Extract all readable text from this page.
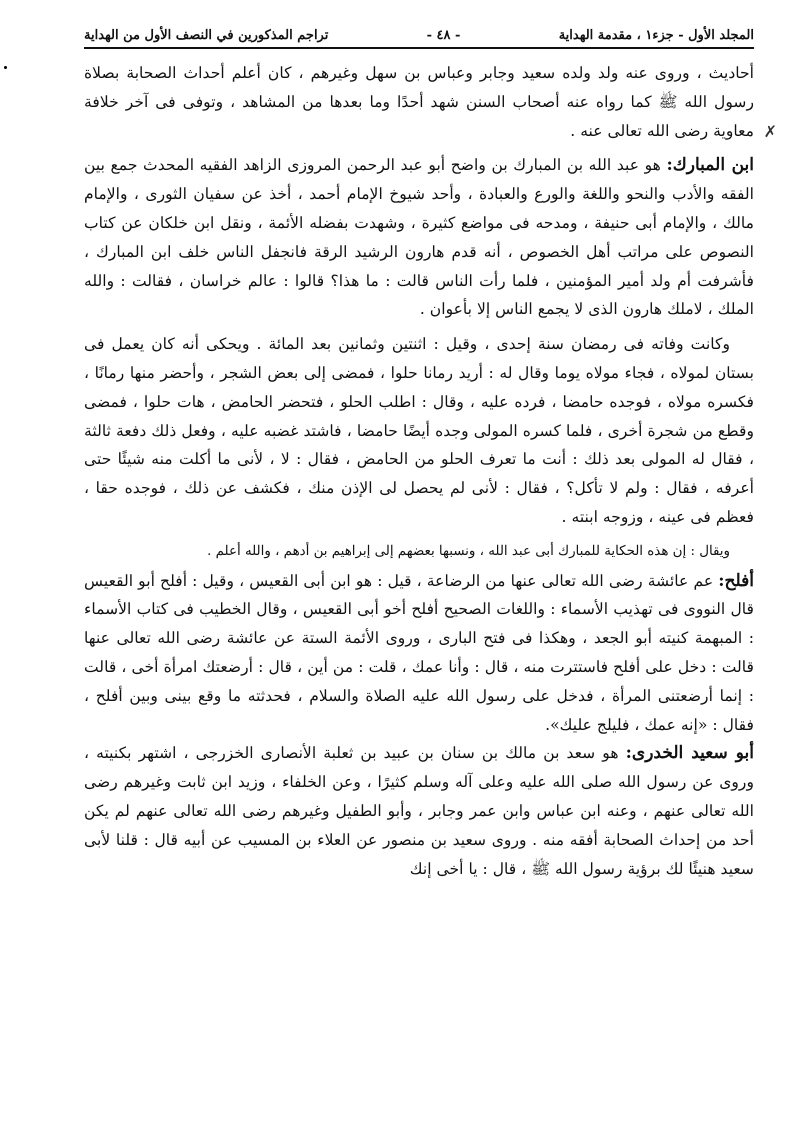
✗
المجلد الأول - جزء١ ، مقدمة الهداية
- ٤٨ -
تراجم المذكورين في النصف الأول من الهداية

أحاديث ، وروى عنه ولد ولده سعيد وجابر وعباس بن سهل وغيرهم ، كان أعلم أحداث الصحابة بصلاة رسول الله ﷺ كما رواه عنه أصحاب السنن شهد أحدًا وما بعدها من المشاهد ، وتوفى فى آخر خلافة معاوية رضى الله تعالى عنه .

ابن المبارك: هو عبد الله بن المبارك بن واضح أبو عبد الرحمن المروزى الزاهد الفقيه المحدث جمع بين الفقه والأدب والنحو واللغة والورع والعبادة ، وأحد شيوخ الإمام أحمد ، أخذ عن سفيان الثورى ، والإمام مالك ، والإمام أبى حنيفة ، ومدحه فى مواضع كثيرة ، وشهدت بفضله الأئمة ، ونقل ابن خلكان عن كتاب النصوص على مراتب أهل الخصوص ، أنه قدم هارون الرشيد الرقة فانجفل الناس خلف ابن المبارك ، فأشرفت أم ولد أمير المؤمنين ، فلما رأت الناس قالت : ما هذا؟ قالوا : عالم خراسان ، فقالت : والله الملك ، لاملك هارون الذى لا يجمع الناس إلا بأعوان .

وكانت وفاته فى رمضان سنة إحدى ، وقيل : اثنتين وثمانين بعد المائة . ويحكى أنه كان يعمل فى بستان لمولاه ، فجاء مولاه يوما وقال له : أريد رمانا حلوا ، فمضى إلى بعض الشجر ، وأحضر منها رمانًا ، فكسره مولاه ، فوجده حامضا ، فرده عليه ، وقال : اطلب الحلو ، فتحضر الحامض ، هات حلوا ، فمضى وقطع من شجرة أخرى ، فلما كسره المولى وجده أيضًا حامضا ، فاشتد غضبه عليه ، وفعل ذلك دفعة ثالثة ، فقال له المولى بعد ذلك : أنت ما تعرف الحلو من الحامض ، فقال : لا ، لأنى ما أكلت منه شيئًا حتى أعرفه ، فقال : ولم لا تأكل؟ ، فقال : لأنى لم يحصل لى الإذن منك ، فكشف عن ذلك ، فوجده حقا ، فعظم فى عينه ، وزوجه ابنته .

ويقال : إن هذه الحكاية للمبارك أبى عبد الله ، ونسبها بعضهم إلى إبراهيم بن أدهم ، والله أعلم .

أفلح: عم عائشة رضى الله تعالى عنها من الرضاعة ، قيل : هو ابن أبى القعيس ، وقيل : أفلح أبو القعيس قال النووى فى تهذيب الأسماء : واللغات الصحيح أفلح أخو أبى القعيس ، وقال الخطيب فى كتاب الأسماء : المبهمة كنيته أبو الجعد ، وهكذا فى فتح البارى ، وروى الأئمة الستة عن عائشة رضى الله تعالى عنها قالت : دخل على أفلح فاستترت منه ، قال : وأنا عمك ، قلت : من أين ، قال : أرضعتك امرأة أخى ، قالت : إنما أرضعتنى المرأة ، فدخل على رسول الله عليه الصلاة والسلام ، فحدثته ما وقع بينى وبين أفلح ، فقال : «إنه عمك ، فليلج عليك».

أبو سعيد الخدرى: هو سعد بن مالك بن سنان بن عبيد بن ثعلبة الأنصارى الخزرجى ، اشتهر بكنيته ، وروى عن رسول الله صلى الله عليه وعلى آله وسلم كثيرًا ، وعن الخلفاء ، وزيد ابن ثابت وغيرهم رضى الله تعالى عنهم ، وعنه ابن عباس وابن عمر وجابر ، وأبو الطفيل وغيرهم رضى الله تعالى عنهم لم يكن أحد من إحداث الصحابة أفقه منه . وروى سعيد بن منصور عن العلاء بن المسيب عن أبيه قال : قلنا لأبى سعيد هنيئًا لك برؤية رسول الله ﷺ ، قال : يا أخى إنك
